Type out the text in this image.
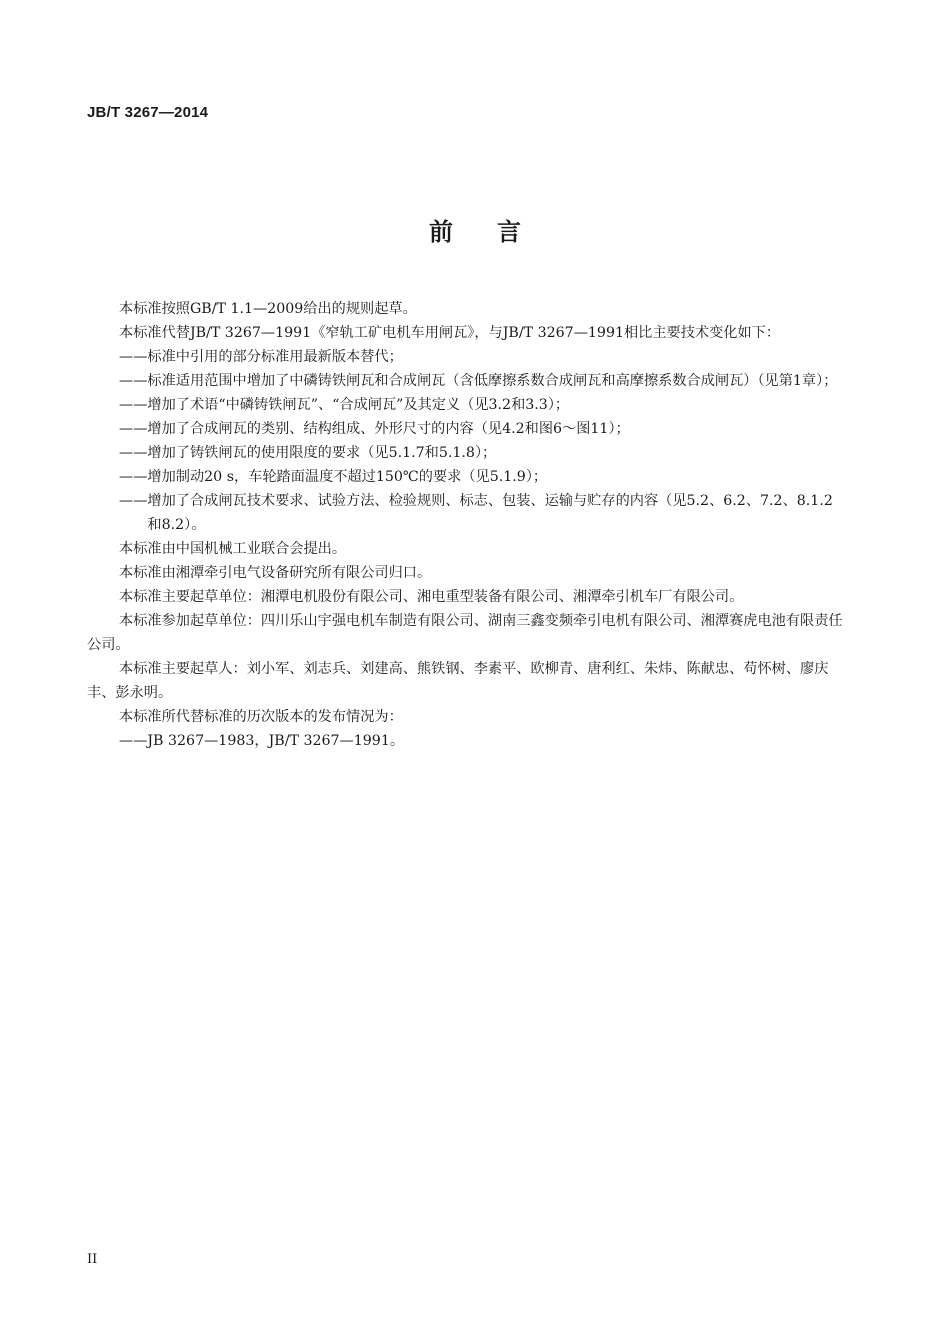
JB/T 3267—2014

前言

本标准按照GB/T 1.1—2009给出的规则起草。

本标准代替JB/T 3267—1991《窄轨工矿电机车用闸瓦》，与JB/T 3267—1991相比主要技术变化如下：

—— 标准中引用的部分标准用最新版本替代；
—— 标准适用范围中增加了中磷铸铁闸瓦和合成闸瓦（含低摩擦系数合成闸瓦和高摩擦系数合成闸瓦）（见第1章）；
—— 增加了术语“中磷铸铁闸瓦”、“合成闸瓦”及其定义（见3.2和3.3）；
—— 增加了合成闸瓦的类别、结构组成、外形尺寸的内容（见4.2和图6～图11）；
—— 增加了铸铁闸瓦的使用限度的要求（见5.1.7和5.1.8）；
—— 增加制动20 s，车轮踏面温度不超过150℃的要求（见5.1.9）；
—— 增加了合成闸瓦技术要求、试验方法、检验规则、标志、包装、运输与贮存的内容（见5.2、6.2、7.2、8.1.2和8.2）。

本标准由中国机械工业联合会提出。

本标准由湘潭牵引电气设备研究所有限公司归口。

本标准主要起草单位：湘潭电机股份有限公司、湘电重型装备有限公司、湘潭牵引机车厂有限公司。

本标准参加起草单位：四川乐山宇强电机车制造有限公司、湖南三鑫变频牵引电机有限公司、湘潭赛虎电池有限责任公司。

本标准主要起草人：刘小军、刘志兵、刘建高、熊铁钢、李素平、欧柳青、唐利红、朱炜、陈献忠、苟怀树、廖庆丰、彭永明。

本标准所代替标准的历次版本的发布情况为：

—— JB 3267—1983，JB/T 3267—1991。

II
